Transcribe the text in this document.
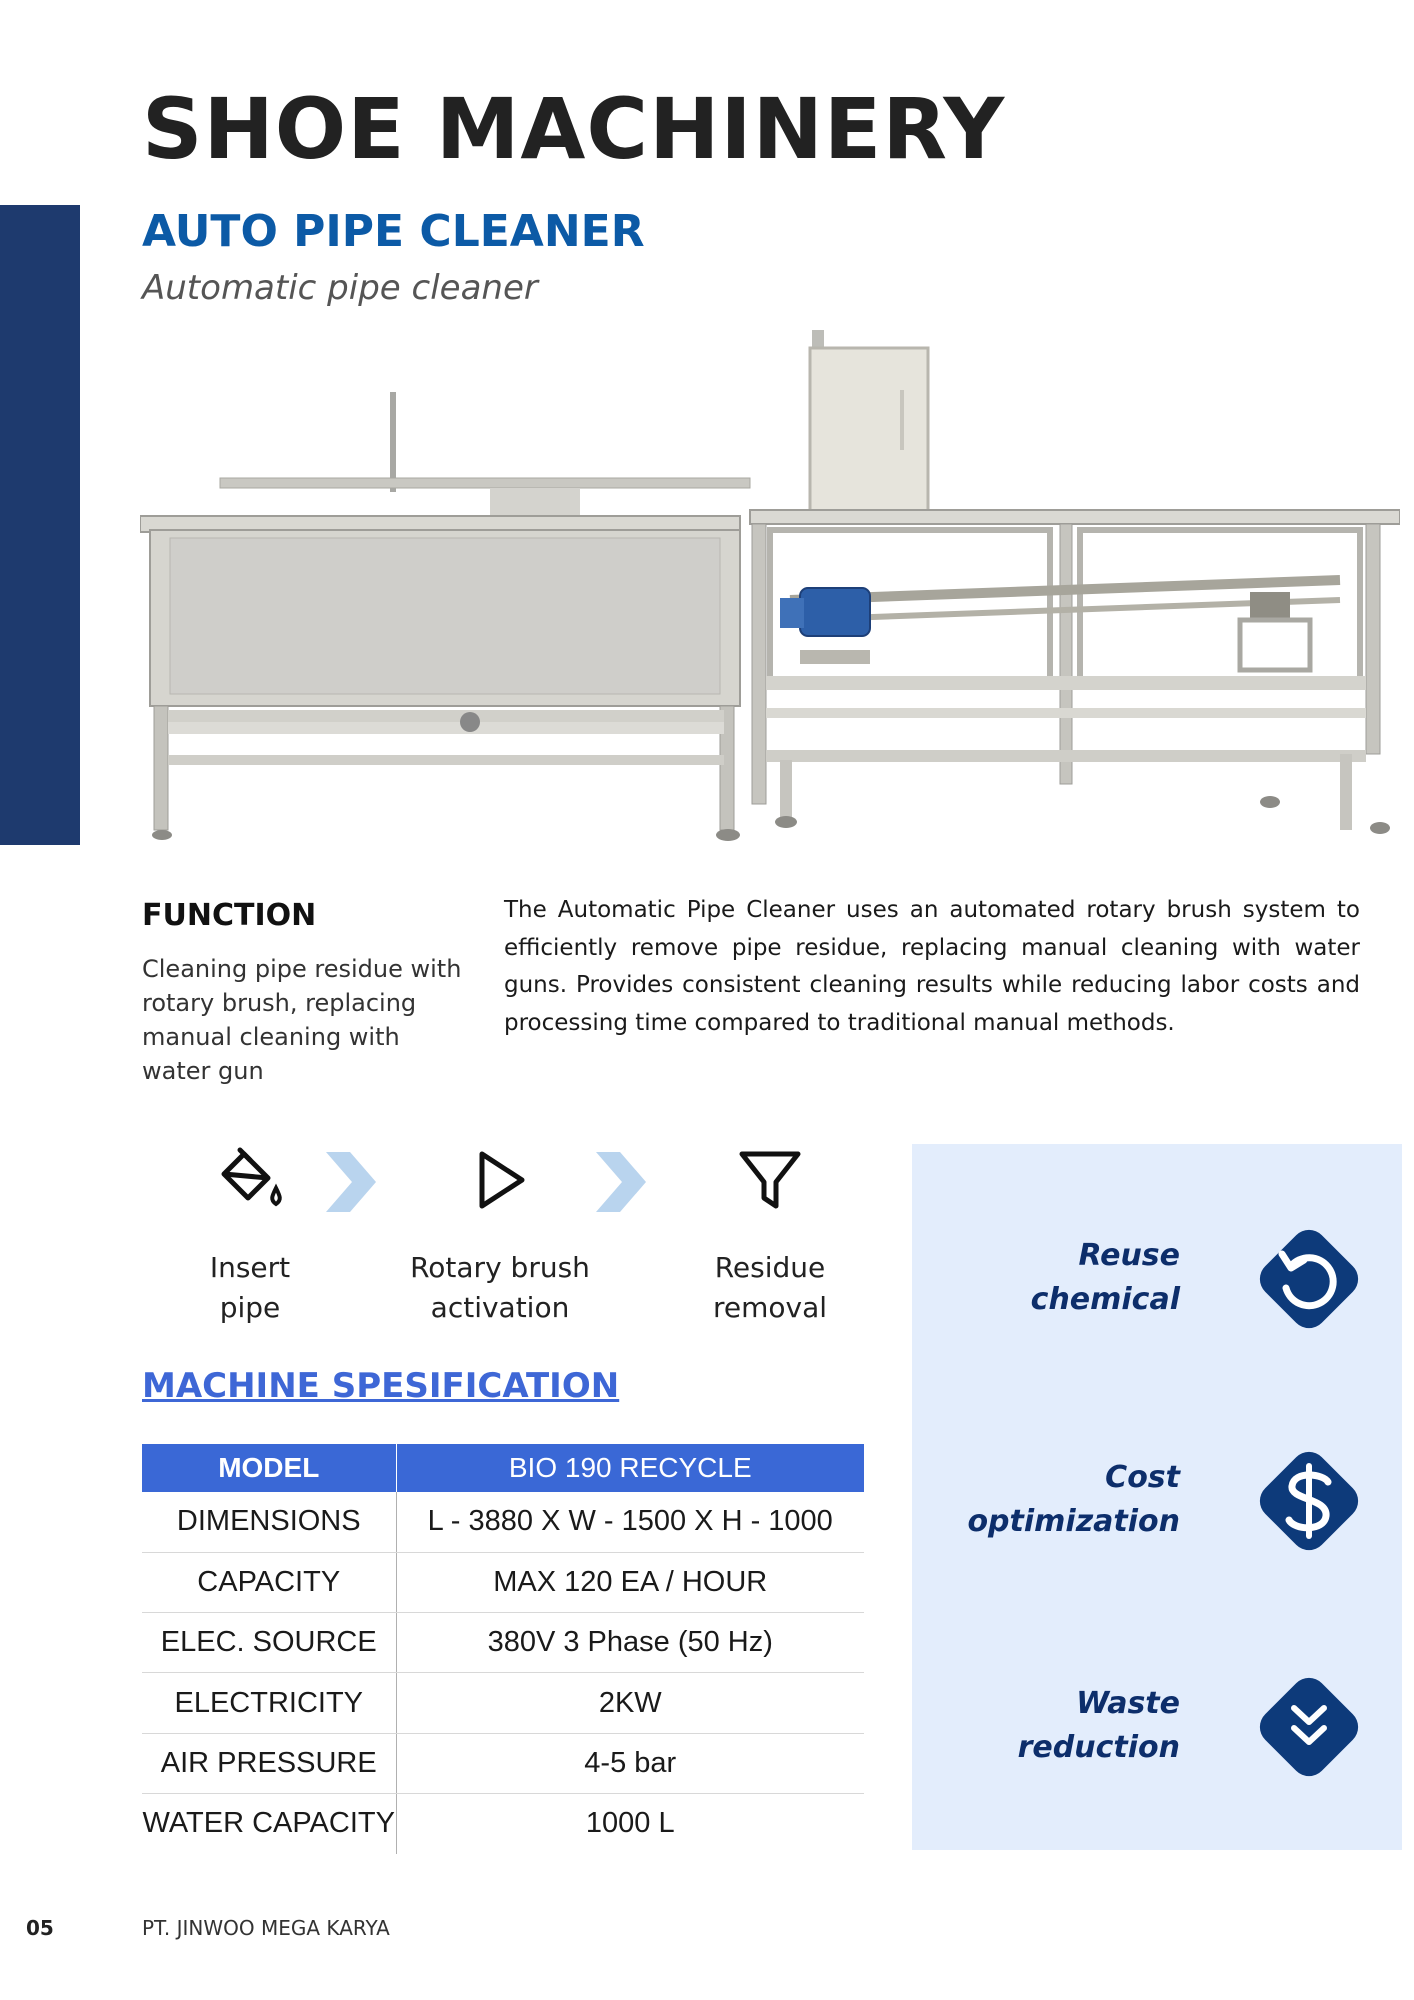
SHOE MACHINERY
AUTO PIPE CLEANER
Automatic pipe cleaner
FUNCTION

Cleaning pipe residue with rotary brush, replacing manual cleaning with water gun

The Automatic Pipe Cleaner uses an automated rotary brush system to efficiently remove pipe residue, replacing manual cleaning with water guns. Provides consistent cleaning results while reducing labor costs and processing time compared to traditional manual methods.

Insert
pipe
Rotary brush
activation
Residue
removal
MACHINE SPESIFICATION
MODEL	BIO 190 RECYCLE
DIMENSIONS	L - 3880 X W - 1500 X H - 1000
CAPACITY	MAX 120 EA / HOUR
ELEC. SOURCE	380V 3 Phase (50 Hz)
ELECTRICITY	2KW
AIR PRESSURE	4-5 bar
WATER CAPACITY	1000 L
Reuse
chemical
Cost
optimization
Waste
reduction
05	PT. JINWOO MEGA KARYA
